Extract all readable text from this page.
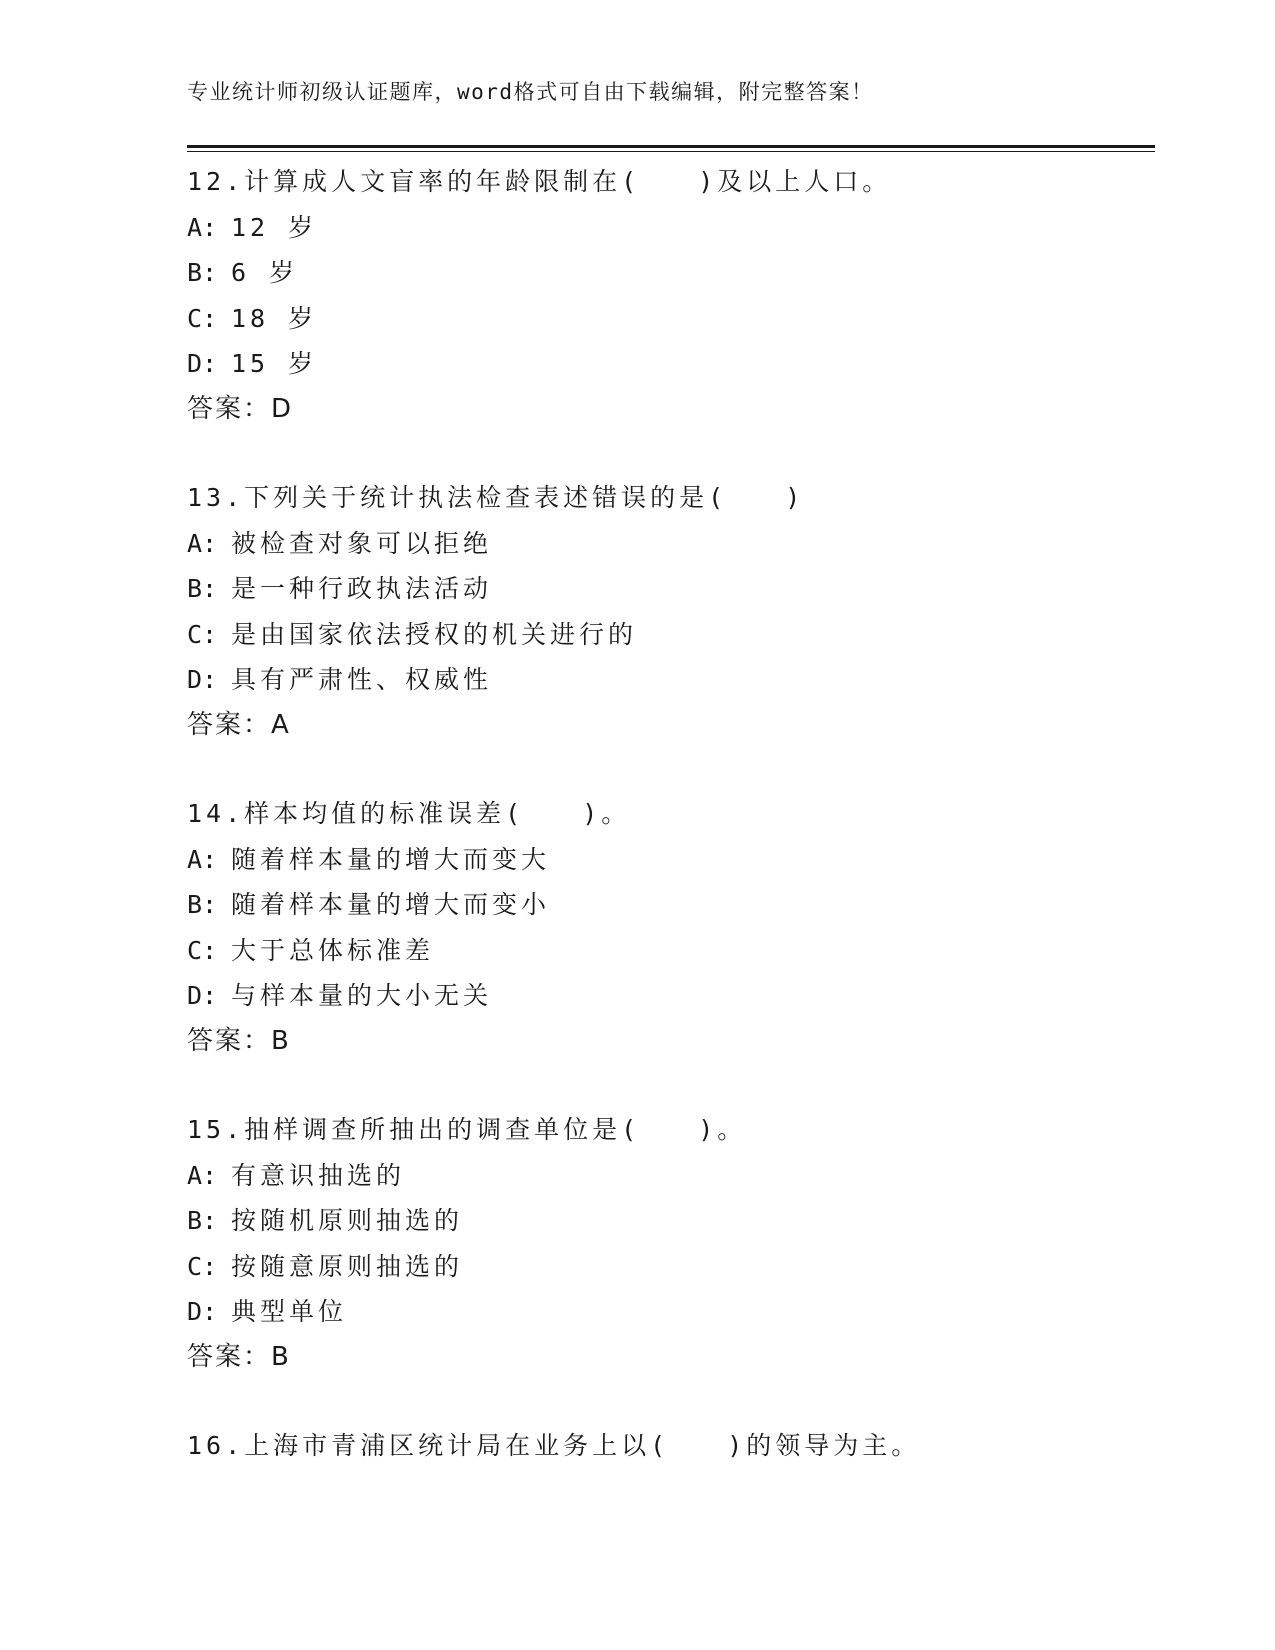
专业统计师初级认证题库，word格式可自由下载编辑，附完整答案！
12.计算成人文盲率的年龄限制在(　　)及以上人口。
A: 12 岁
B: 6 岁
C: 18 岁
D: 15 岁
答案：D
13.下列关于统计执法检查表述错误的是(　　)
A: 被检查对象可以拒绝
B: 是一种行政执法活动
C: 是由国家依法授权的机关进行的
D: 具有严肃性、权威性
答案：A
14.样本均值的标准误差(　　)。
A: 随着样本量的增大而变大
B: 随着样本量的增大而变小
C: 大于总体标准差
D: 与样本量的大小无关
答案：B
15.抽样调查所抽出的调查单位是(　　)。
A: 有意识抽选的
B: 按随机原则抽选的
C: 按随意原则抽选的
D: 典型单位
答案：B
16.上海市青浦区统计局在业务上以(　　)的领导为主。
